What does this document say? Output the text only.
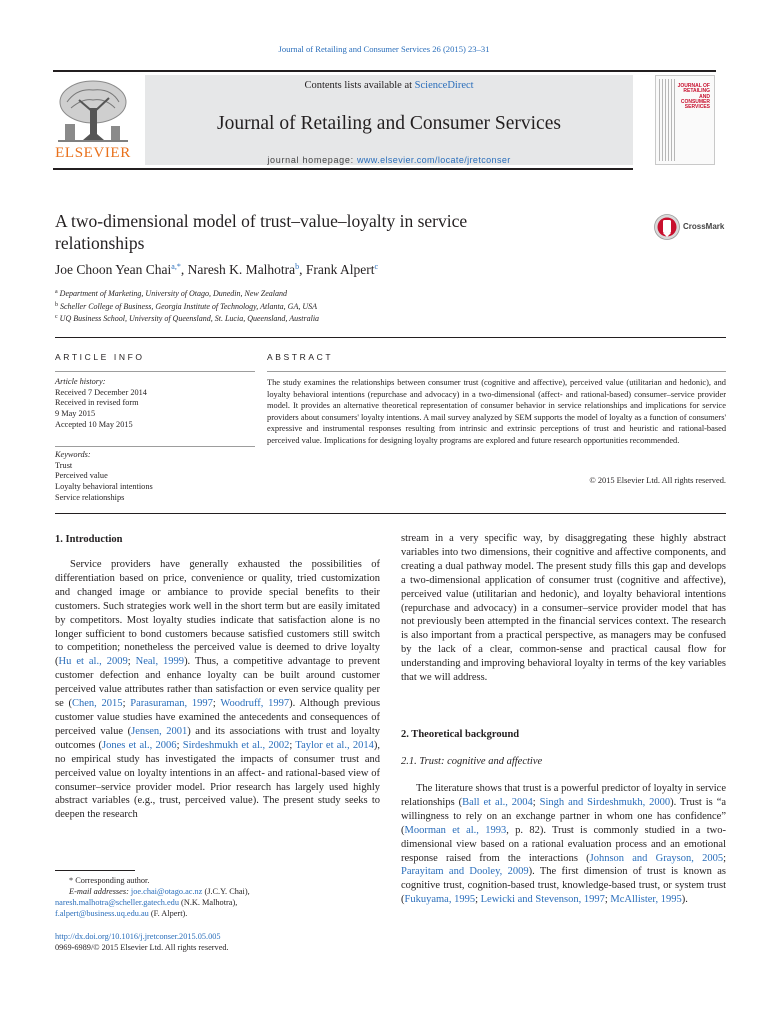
Journal of Retailing and Consumer Services 26 (2015) 23–31
ELSEVIER
Contents lists available at ScienceDirect
Journal of Retailing and Consumer Services
journal homepage: www.elsevier.com/locate/jretconser
JOURNAL OF
RETAILING
AND
CONSUMER
SERVICES
A two-dimensional model of trust–value–loyalty in service
relationships
CrossMark
Joe Choon Yean Chai$^{a,*}$, Naresh K. Malhotra$^b$, Frank Alpert$^c$
$^a$ Department of Marketing, University of Otago, Dunedin, New Zealand
$^b$ Scheller College of Business, Georgia Institute of Technology, Atlanta, GA, USA
$^c$ UQ Business School, University of Queensland, St. Lucia, Queensland, Australia
ARTICLE INFO	ABSTRACT
Article history:
Received 7 December 2014
Received in revised form
9 May 2015
Accepted 10 May 2015
Keywords:
Trust
Perceived value
Loyalty behavioral intentions
Service relationships
The study examines the relationships between consumer trust (cognitive and affective), perceived value (utilitarian and hedonic), and loyalty behavioral intentions (repurchase and advocacy) in a two-dimensional (affect- and rational-based) consumer–service provider model. It provides an alternative theoretical representation of consumer behavior in service relationships and implications for service providers about consumers' loyalty intentions. A mail survey analyzed by SEM supports the model of loyalty as a function of consumers' expressive and instrumental responses resulting from intrinsic and extrinsic perceptions of trust and heuristic and rational-based perceived value. Implications for designing loyalty programs are explored and future research opportunities recommended.
© 2015 Elsevier Ltd. All rights reserved.
1. Introduction

Service providers have generally exhausted the possibilities of differentiation based on price, convenience or quality, tried customization and changed image or ambiance to provide special benefits to their customers. Such strategies work well in the short term but are easily imitated by competitors. Most loyalty studies indicate that satisfaction alone is no longer sufficient to bond customers because satisfied customers still switch to competition; nonetheless the perceived value is deemed to drive loyalty (Hu et al., 2009; Neal, 1999). Thus, a competitive advantage to prevent customer defection and enhance loyalty can be built around customer perceived value attributes rather than satisfaction or even service quality per se (Chen, 2015; Parasuraman, 1997; Woodruff, 1997). Although previous customer value studies have examined the antecedents and consequences of perceived value (Jensen, 2001) and its associations with trust and loyalty outcomes (Jones et al., 2006; Sirdeshmukh et al., 2002; Taylor et al., 2014), no empirical study has investigated the impacts of consumer trust and perceived value on loyalty intentions in an affect- and rational-based view of consumer–service provider model. Prior research has largely used highly abstract variables (e.g., trust, perceived value). The present study seeks to deepen the research

stream in a very specific way, by disaggregating these highly abstract variables into two dimensions, their cognitive and affective components, and creating a dual pathway model. The present study fills this gap and develops a two-dimensional application of consumer trust (cognitive and affective), perceived value (utilitarian and hedonic), and loyalty behavioral intentions (repurchase and advocacy) in a consumer–service provider model that has not previously been attempted in the financial services context. The research is also important from a practical perspective, as managers may be confused by the lack of a clear, common-sense and practical causal flow for understanding and improving behavioral loyalty in terms of the key variables that we will address.
2. Theoretical background
2.1. Trust: cognitive and affective

The literature shows that trust is a powerful predictor of loyalty in service relationships (Ball et al., 2004; Singh and Sirdeshmukh, 2000). Trust is “a willingness to rely on an exchange partner in whom one has confidence” (Moorman et al., 1993, p. 82). Trust is commonly studied in a two-dimensional view based on a rational evaluation process and an emotional response raised from the interactions (Johnson and Grayson, 2005; Parayitam and Dooley, 2009). The first dimension of trust is known as cognitive trust, cognition-based trust, knowledge-based trust, or system trust (Fukuyama, 1995; Lewicki and Stevenson, 1997; McAllister, 1995).

* Corresponding author.
E-mail addresses: joe.chai@otago.ac.nz (J.C.Y. Chai),
naresh.malhotra@scheller.gatech.edu (N.K. Malhotra),
f.alpert@business.uq.edu.au (F. Alpert).
http://dx.doi.org/10.1016/j.jretconser.2015.05.005
0969-6989/© 2015 Elsevier Ltd. All rights reserved.
